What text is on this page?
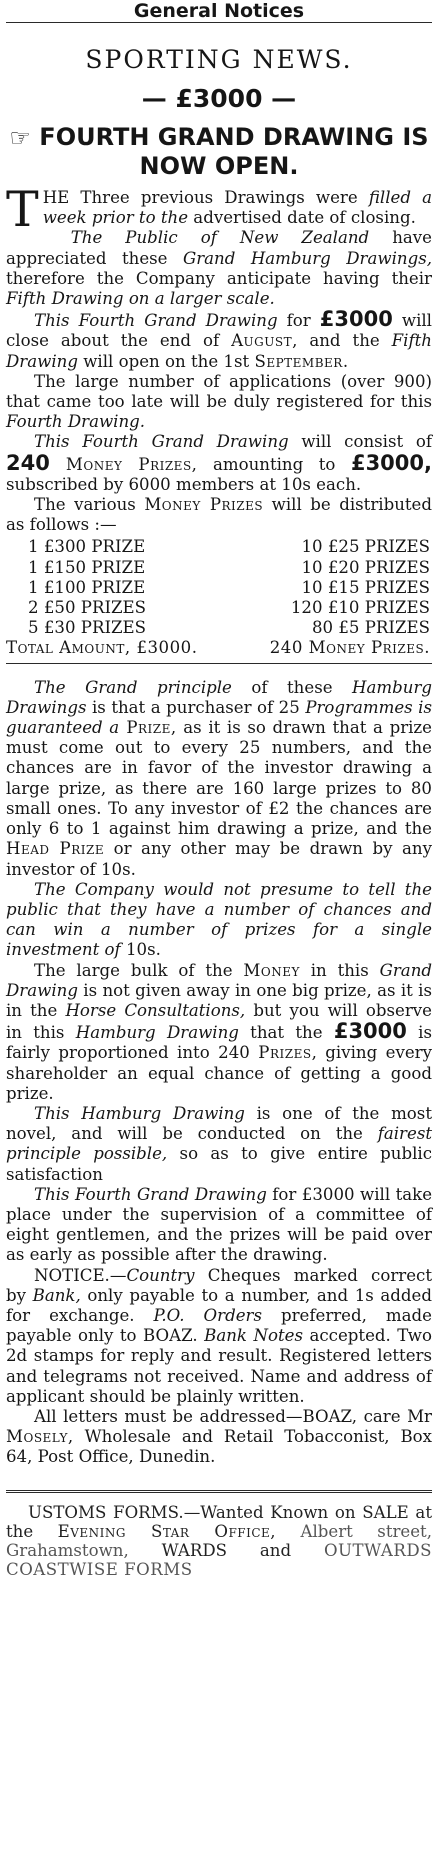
General Notices
SPORTING NEWS.
— £3000 —
☞ FOURTH GRAND DRAWING IS
NOW OPEN.

THE Three previous Drawings were filled a week prior to the advertised date of closing.

The Public of New Zealand have appreciated these Grand Hamburg Drawings, therefore the Company anticipate having their Fifth Drawing on a larger scale.

This Fourth Grand Drawing for £3000 will close about the end of August, and the Fifth Drawing will open on the 1st September.

The large number of applications (over 900) that came too late will be duly registered for this Fourth Drawing.

This Fourth Grand Drawing will consist of 240 Money Prizes, amounting to £3000, subscribed by 6000 members at 10s each.

The various Money Prizes will be distributed as follows :—

1 £300 PRIZE	10 £25 PRIZES
1 £150 PRIZE	10 £20 PRIZES
1 £100 PRIZE	10 £15 PRIZES
2 £50 PRIZES	120 £10 PRIZES
5 £30 PRIZES	80 £5 PRIZES
Total Amount, £3000.	240 Money Prizes.

The Grand principle of these Hamburg Drawings is that a purchaser of 25 Programmes is guaranteed a Prize, as it is so drawn that a prize must come out to every 25 numbers, and the chances are in favor of the investor drawing a large prize, as there are 160 large prizes to 80 small ones. To any investor of £2 the chances are only 6 to 1 against him drawing a prize, and the Head Prize or any other may be drawn by any investor of 10s.

The Company would not presume to tell the public that they have a number of chances and can win a number of prizes for a single investment of 10s.

The large bulk of the Money in this Grand Drawing is not given away in one big prize, as it is in the Horse Consultations, but you will observe in this Hamburg Drawing that the £3000 is fairly proportioned into 240 Prizes, giving every shareholder an equal chance of getting a good prize.

This Hamburg Drawing is one of the most novel, and will be conducted on the fairest principle possible, so as to give entire public satisfaction

This Fourth Grand Drawing for £3000 will take place under the supervision of a committee of eight gentlemen, and the prizes will be paid over as early as possible after the drawing.

NOTICE.—Country Cheques marked correct by Bank, only payable to a number, and 1s added for exchange. P.O. Orders preferred, made payable only to BOAZ. Bank Notes accepted. Two 2d stamps for reply and result. Registered letters and telegrams not received. Name and address of applicant should be plainly written.

All letters must be addressed—BOAZ, care Mr Mosely, Wholesale and Retail Tobacconist, Box 64, Post Office, Dunedin.

USTOMS FORMS.—Wanted Known on SALE at the Evening Star Office, Albert street, Grahamstown, WARDS and OUTWARDS COASTWISE FORMS
